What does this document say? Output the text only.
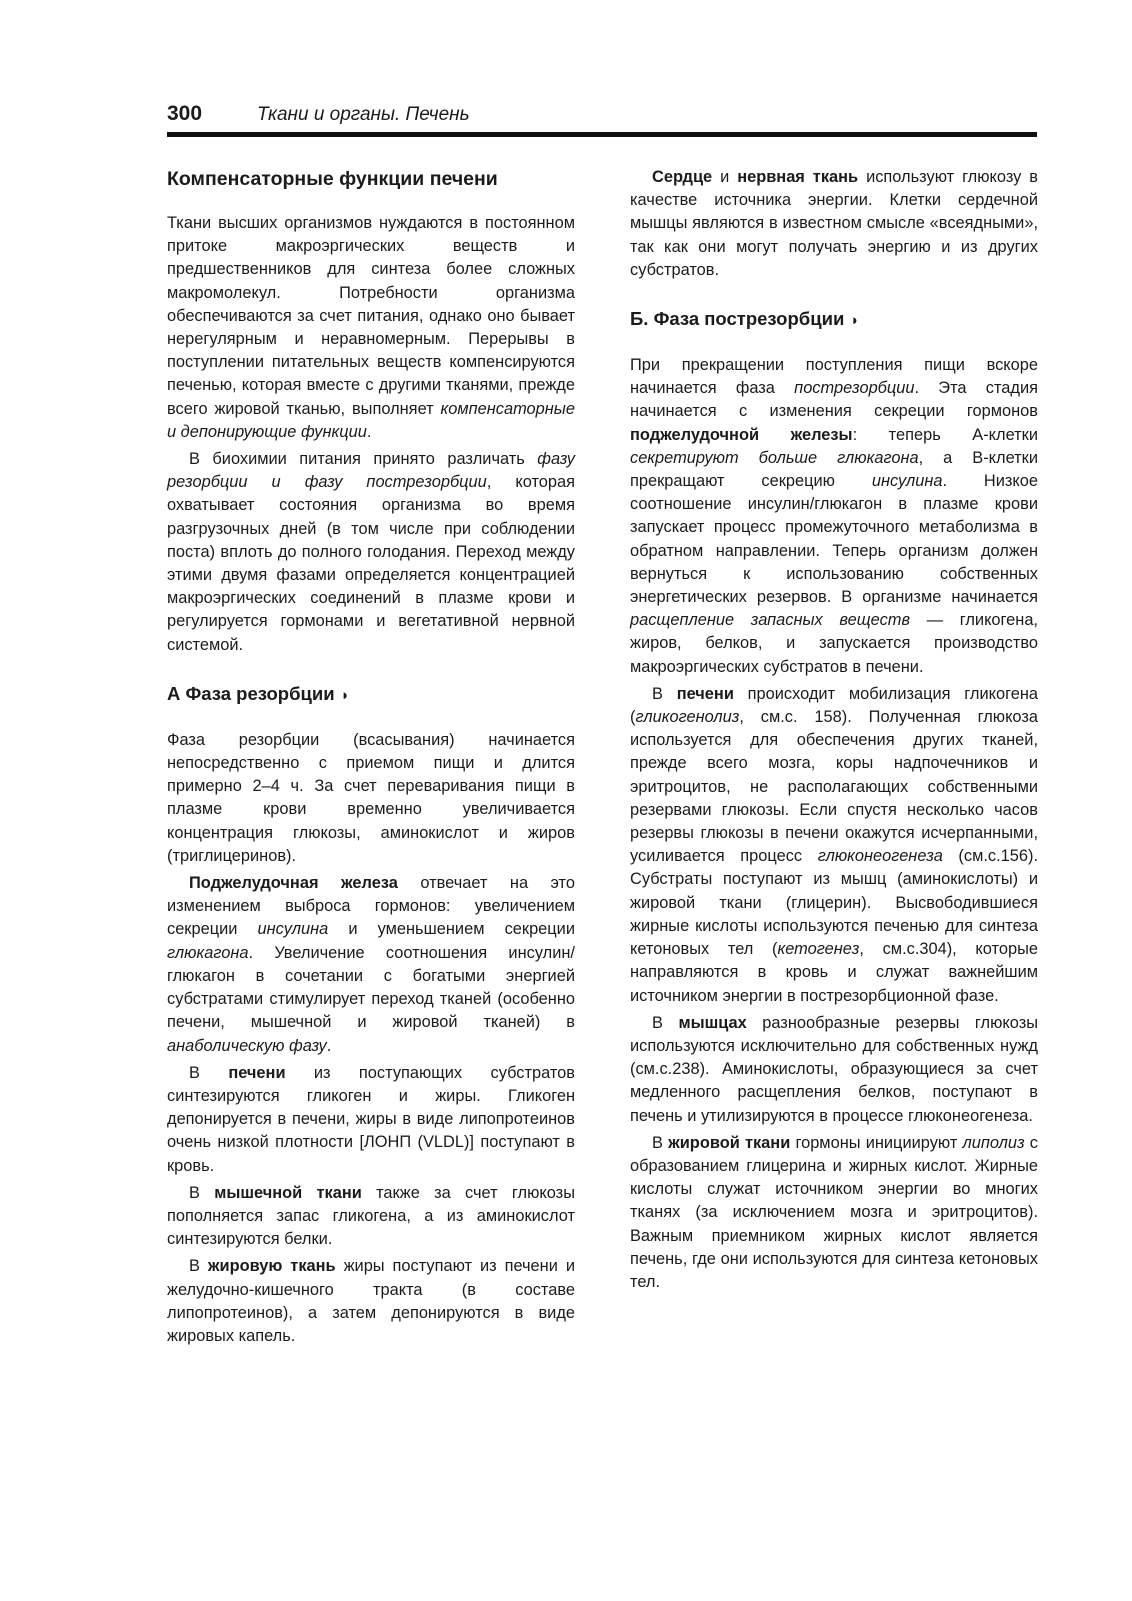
300	Ткани и органы. Печень
Компенсаторные функции печени

Ткани высших организмов нуждаются в постоянном притоке макроэргических веществ и предшественников для синтеза более сложных макромолекул. Потребности организма обеспечиваются за счет питания, однако оно бывает нерегулярным и неравномерным. Перерывы в поступлении питательных веществ компенсируются печенью, которая вместе с другими тканями, прежде всего жировой тканью, выполняет компенсаторные и депонирующие функции.

В биохимии питания принято различать фазу резорбции и фазу пострезорбции, которая охватывает состояния организма во время разгрузочных дней (в том числе при соблюдении поста) вплоть до полного голодания. Переход между этими двумя фазами определяется концентрацией макроэргических соединений в плазме крови и регулируется гормонами и вегетативной нервной системой.

А Фаза резорбции ◗

Фаза резорбции (всасывания) начинается непосредственно с приемом пищи и длится примерно 2–4 ч. За счет переваривания пищи в плазме крови временно увеличивается концентрация глюкозы, аминокислот и жиров (триглицеринов).

Поджелудочная железа отвечает на это изменением выброса гормонов: увеличением секреции инсулина и уменьшением секреции глюкагона. Увеличение соотношения инсулин/глюкагон в сочетании с богатыми энергией субстратами стимулирует переход тканей (особенно печени, мышечной и жировой тканей) в анаболическую фазу.

В печени из поступающих субстратов синтезируются гликоген и жиры. Гликоген депонируется в печени, жиры в виде липопротеинов очень низкой плотности [ЛОНП (VLDL)] поступают в кровь.

В мышечной ткани также за счет глюкозы пополняется запас гликогена, а из аминокислот синтезируются белки.

В жировую ткань жиры поступают из печени и желудочно-кишечного тракта (в составе липопротеинов), а затем депонируются в виде жировых капель.

Сердце и нервная ткань используют глюкозу в качестве источника энергии. Клетки сердечной мышцы являются в известном смысле «всеядными», так как они могут получать энергию и из других субстратов.

Б. Фаза пострезорбции ◗

При прекращении поступления пищи вскоре начинается фаза пострезорбции. Эта стадия начинается с изменения секреции гормонов поджелудочной железы: теперь А-клетки секретируют больше глюкагона, а В-клетки прекращают секрецию инсулина. Низкое соотношение инсулин/глюкагон в плазме крови запускает процесс промежуточного метаболизма в обратном направлении. Теперь организм должен вернуться к использованию собственных энергетических резервов. В организме начинается расщепление запасных веществ — гликогена, жиров, белков, и запускается производство макроэргических субстратов в печени.

В печени происходит мобилизация гликогена (гликогенолиз, см.с. 158). Полученная глюкоза используется для обеспечения других тканей, прежде всего мозга, коры надпочечников и эритроцитов, не располагающих собственными резервами глюкозы. Если спустя несколько часов резервы глюкозы в печени окажутся исчерпанными, усиливается процесс глюконеогенеза (см.с.156). Субстраты поступают из мышц (аминокислоты) и жировой ткани (глицерин). Высвободившиеся жирные кислоты используются печенью для синтеза кетоновых тел (кетогенез, см.с.304), которые направляются в кровь и служат важнейшим источником энергии в пострезорбционной фазе.

В мышцах разнообразные резервы глюкозы используются исключительно для собственных нужд (см.с.238). Аминокислоты, образующиеся за счет медленного расщепления белков, поступают в печень и утилизируются в процессе глюконеогенеза.

В жировой ткани гормоны инициируют липолиз с образованием глицерина и жирных кислот. Жирные кислоты служат источником энергии во многих тканях (за исключением мозга и эритроцитов). Важным приемником жирных кислот является печень, где они используются для синтеза кетоновых тел.
